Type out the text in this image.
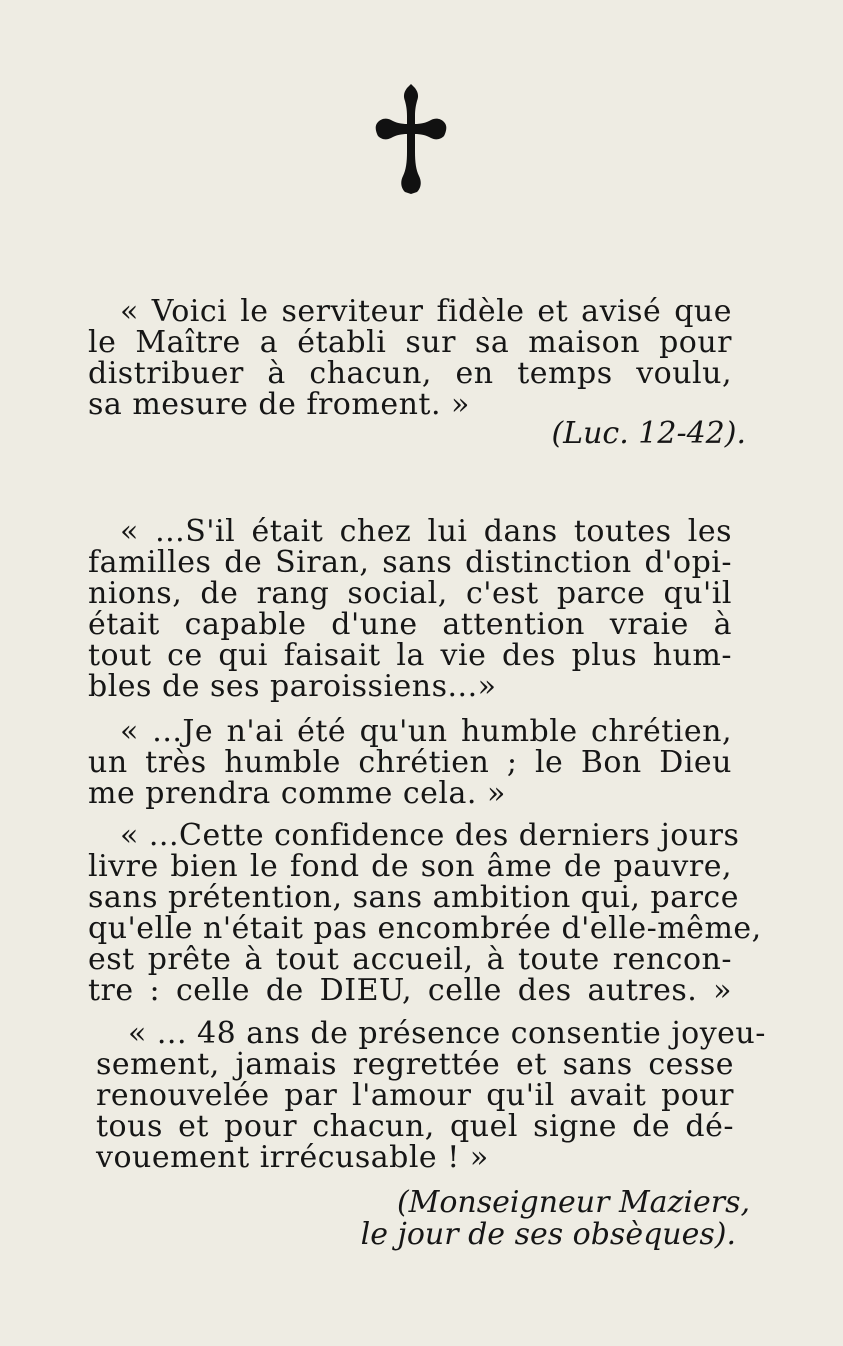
« Voici le serviteur fidèle et avisé que
le Maître a établi sur sa maison pour
distribuer à chacun, en temps voulu,
sa mesure de froment. »
(Luc. 12-42).
« ...S'il était chez lui dans toutes les
familles de Siran, sans distinction d'opi-
nions, de rang social, c'est parce qu'il
était capable d'une attention vraie à
tout ce qui faisait la vie des plus hum-
bles de ses paroissiens...»
« ...Je n'ai été qu'un humble chrétien,
un très humble chrétien ; le Bon Dieu
me prendra comme cela. »
« ...Cette confidence des derniers jours
livre bien le fond de son âme de pauvre,
sans prétention, sans ambition qui, parce
qu'elle n'était pas encombrée d'elle-même,
est prête à tout accueil, à toute rencon-
tre : celle de DIEU, celle des autres. »
« ... 48 ans de présence consentie joyeu-
sement, jamais regrettée et sans cesse
renouvelée par l'amour qu'il avait pour
tous et pour chacun, quel signe de dé-
vouement irrécusable ! »
(Monseigneur Maziers,
le jour de ses obsèques).
